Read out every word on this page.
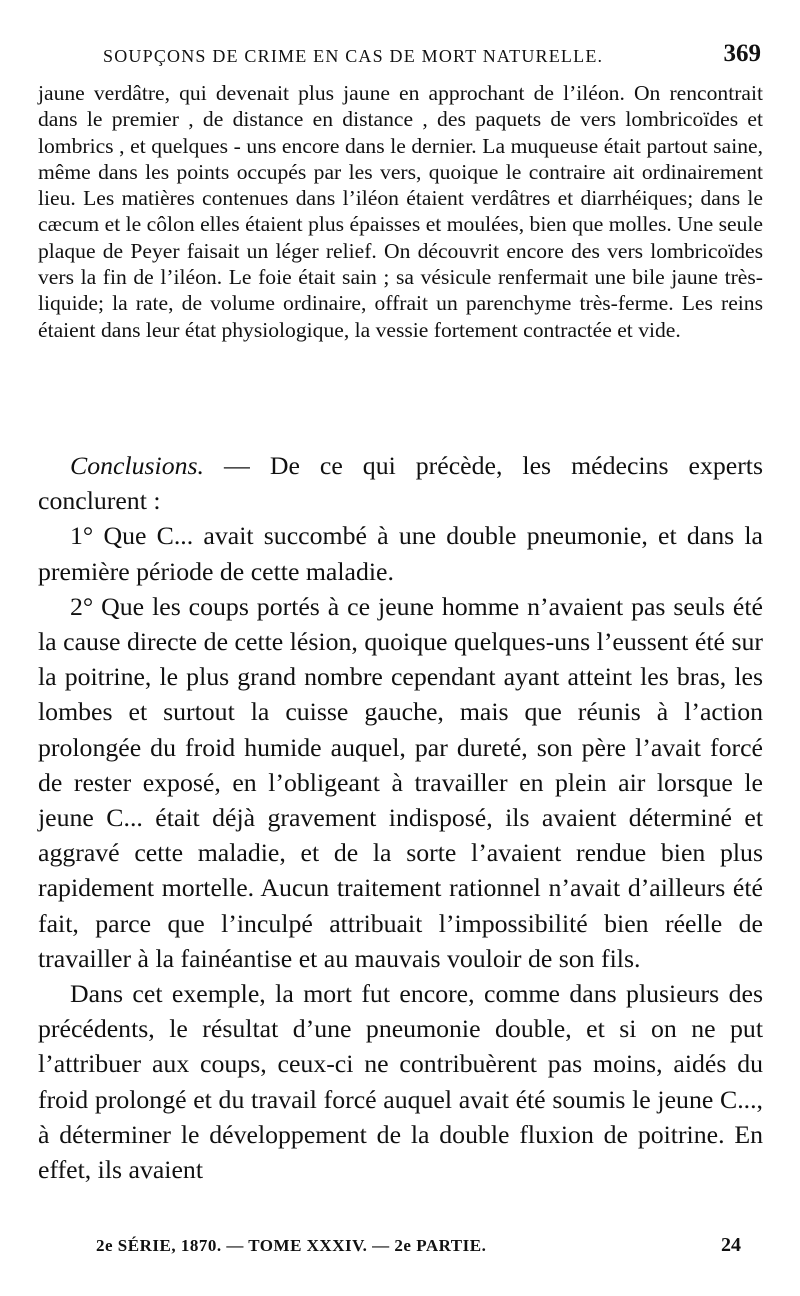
SOUPÇONS DE CRIME EN CAS DE MORT NATURELLE.	369

jaune verdâtre, qui devenait plus jaune en approchant de l’iléon. On rencontrait dans le premier , de distance en distance , des paquets de vers lombricoïdes et lombrics , et quelques - uns encore dans le dernier. La muqueuse était partout saine, même dans les points occupés par les vers, quoique le contraire ait ordinairement lieu. Les matières contenues dans l’iléon étaient verdâtres et diarrhéiques; dans le cæcum et le côlon elles étaient plus épaisses et moulées, bien que molles. Une seule plaque de Peyer faisait un léger relief. On découvrit encore des vers lombricoïdes vers la fin de l’iléon. Le foie était sain ; sa vésicule renfermait une bile jaune très-liquide; la rate, de volume ordinaire, offrait un parenchyme très-ferme. Les reins étaient dans leur état physiologique, la vessie fortement contractée et vide.

Conclusions. — De ce qui précède, les médecins experts conclurent :

1° Que C... avait succombé à une double pneumonie, et dans la première période de cette maladie.

2° Que les coups portés à ce jeune homme n’avaient pas seuls été la cause directe de cette lésion, quoique quelques-uns l’eussent été sur la poitrine, le plus grand nombre cependant ayant atteint les bras, les lombes et surtout la cuisse gauche, mais que réunis à l’action prolongée du froid humide auquel, par dureté, son père l’avait forcé de rester exposé, en l’obligeant à travailler en plein air lorsque le jeune C... était déjà gravement indisposé, ils avaient déterminé et aggravé cette maladie, et de la sorte l’avaient rendue bien plus rapidement mortelle. Aucun traitement rationnel n’avait d’ailleurs été fait, parce que l’inculpé attribuait l’impossibilité bien réelle de travailler à la fainéantise et au mauvais vouloir de son fils.

Dans cet exemple, la mort fut encore, comme dans plusieurs des précédents, le résultat d’une pneumonie double, et si on ne put l’attribuer aux coups, ceux-ci ne contribuèrent pas moins, aidés du froid prolongé et du travail forcé auquel avait été soumis le jeune C..., à déterminer le développement de la double fluxion de poitrine. En effet, ils avaient

2e SÉRIE, 1870. — TOME XXXIV. — 2e PARTIE.	24
